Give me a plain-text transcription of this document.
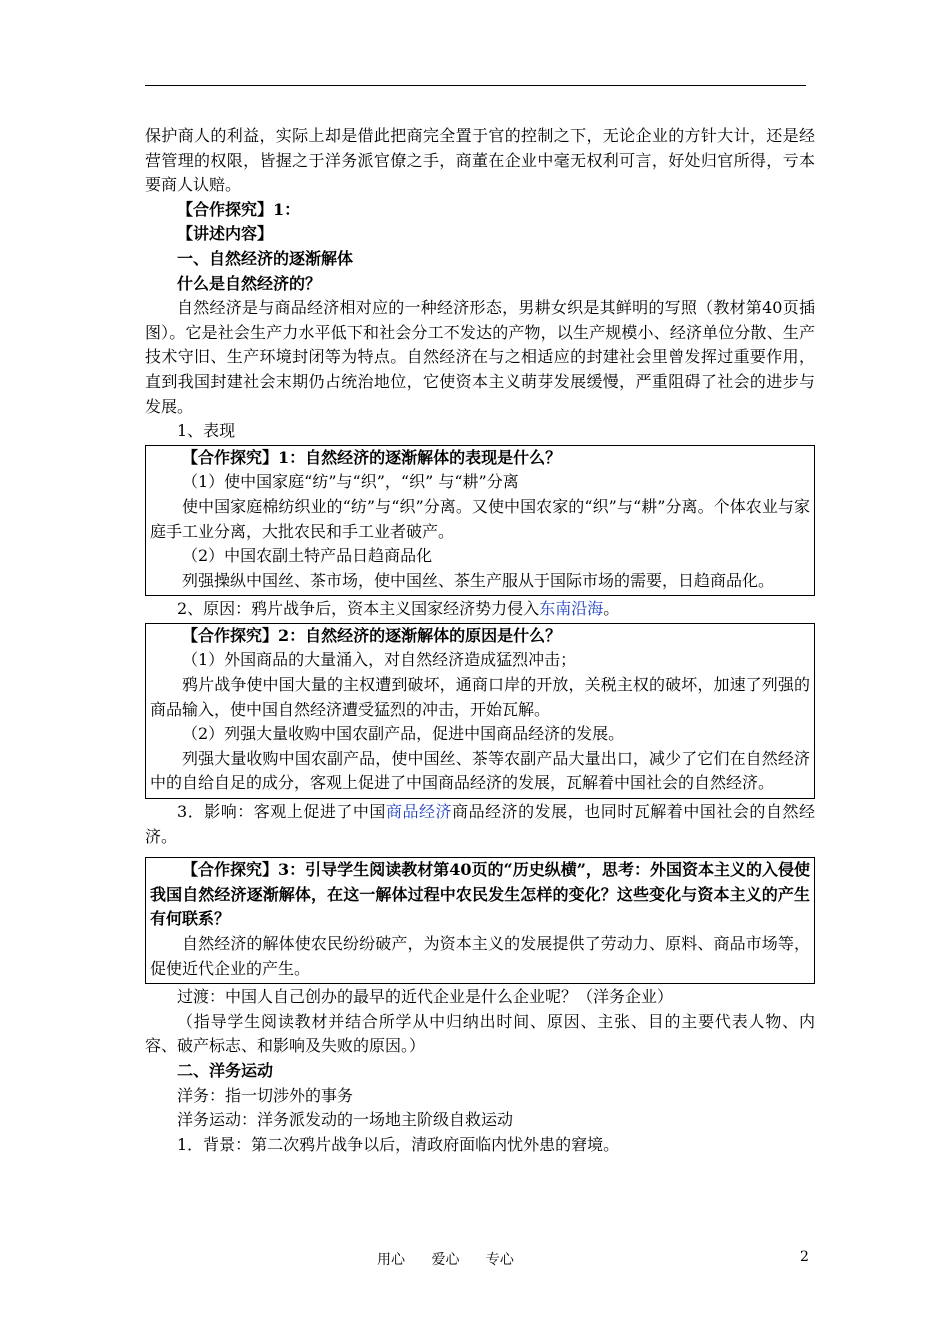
保护商人的利益，实际上却是借此把商完全置于官的控制之下，无论企业的方针大计，还是经营管理的权限，皆握之于洋务派官僚之手，商董在企业中毫无权利可言，好处归官所得，亏本要商人认赔。

【合作探究】1：

【讲述内容】

一、自然经济的逐渐解体

什么是自然经济的？

自然经济是与商品经济相对应的一种经济形态，男耕女织是其鲜明的写照（教材第40页插图）。它是社会生产力水平低下和社会分工不发达的产物，以生产规模小、经济单位分散、生产技术守旧、生产环境封闭等为特点。自然经济在与之相适应的封建社会里曾发挥过重要作用，直到我国封建社会末期仍占统治地位，它使资本主义萌芽发展缓慢，严重阻碍了社会的进步与发展。

1、表现

【合作探究】1：自然经济的逐渐解体的表现是什么？

（1）使中国家庭“纺”与“织”，“织” 与“耕”分离

使中国家庭棉纺织业的“纺”与“织”分离。又使中国农家的“织”与“耕”分离。个体农业与家庭手工业分离，大批农民和手工业者破产。

（2）中国农副土特产品日趋商品化

列强操纵中国丝、茶市场，使中国丝、茶生产服从于国际市场的需要，日趋商品化。

2、原因：鸦片战争后，资本主义国家经济势力侵入东南沿海。

【合作探究】2：自然经济的逐渐解体的原因是什么？

（1）外国商品的大量涌入，对自然经济造成猛烈冲击；

鸦片战争使中国大量的主权遭到破坏，通商口岸的开放，关税主权的破坏，加速了列强的商品输入，使中国自然经济遭受猛烈的冲击，开始瓦解。

（2）列强大量收购中国农副产品，促进中国商品经济的发展。

列强大量收购中国农副产品，使中国丝、茶等农副产品大量出口，减少了它们在自然经济中的自给自足的成分，客观上促进了中国商品经济的发展，瓦解着中国社会的自然经济。

3．影响：客观上促进了中国商品经济商品经济的发展，也同时瓦解着中国社会的自然经济。

【合作探究】3：引导学生阅读教材第40页的“历史纵横”，思考：外国资本主义的入侵使我国自然经济逐渐解体，在这一解体过程中农民发生怎样的变化？这些变化与资本主义的产生有何联系？

自然经济的解体使农民纷纷破产，为资本主义的发展提供了劳动力、原料、商品市场等，促使近代企业的产生。

过渡：中国人自己创办的最早的近代企业是什么企业呢？（洋务企业）

（指导学生阅读教材并结合所学从中归纳出时间、原因、主张、目的主要代表人物、内容、破产标志、和影响及失败的原因。）

二、洋务运动

洋务：指一切涉外的事务

洋务运动：洋务派发动的一场地主阶级自救运动

1．背景：第二次鸦片战争以后，清政府面临内忧外患的窘境。

用心 爱心 专心	2
